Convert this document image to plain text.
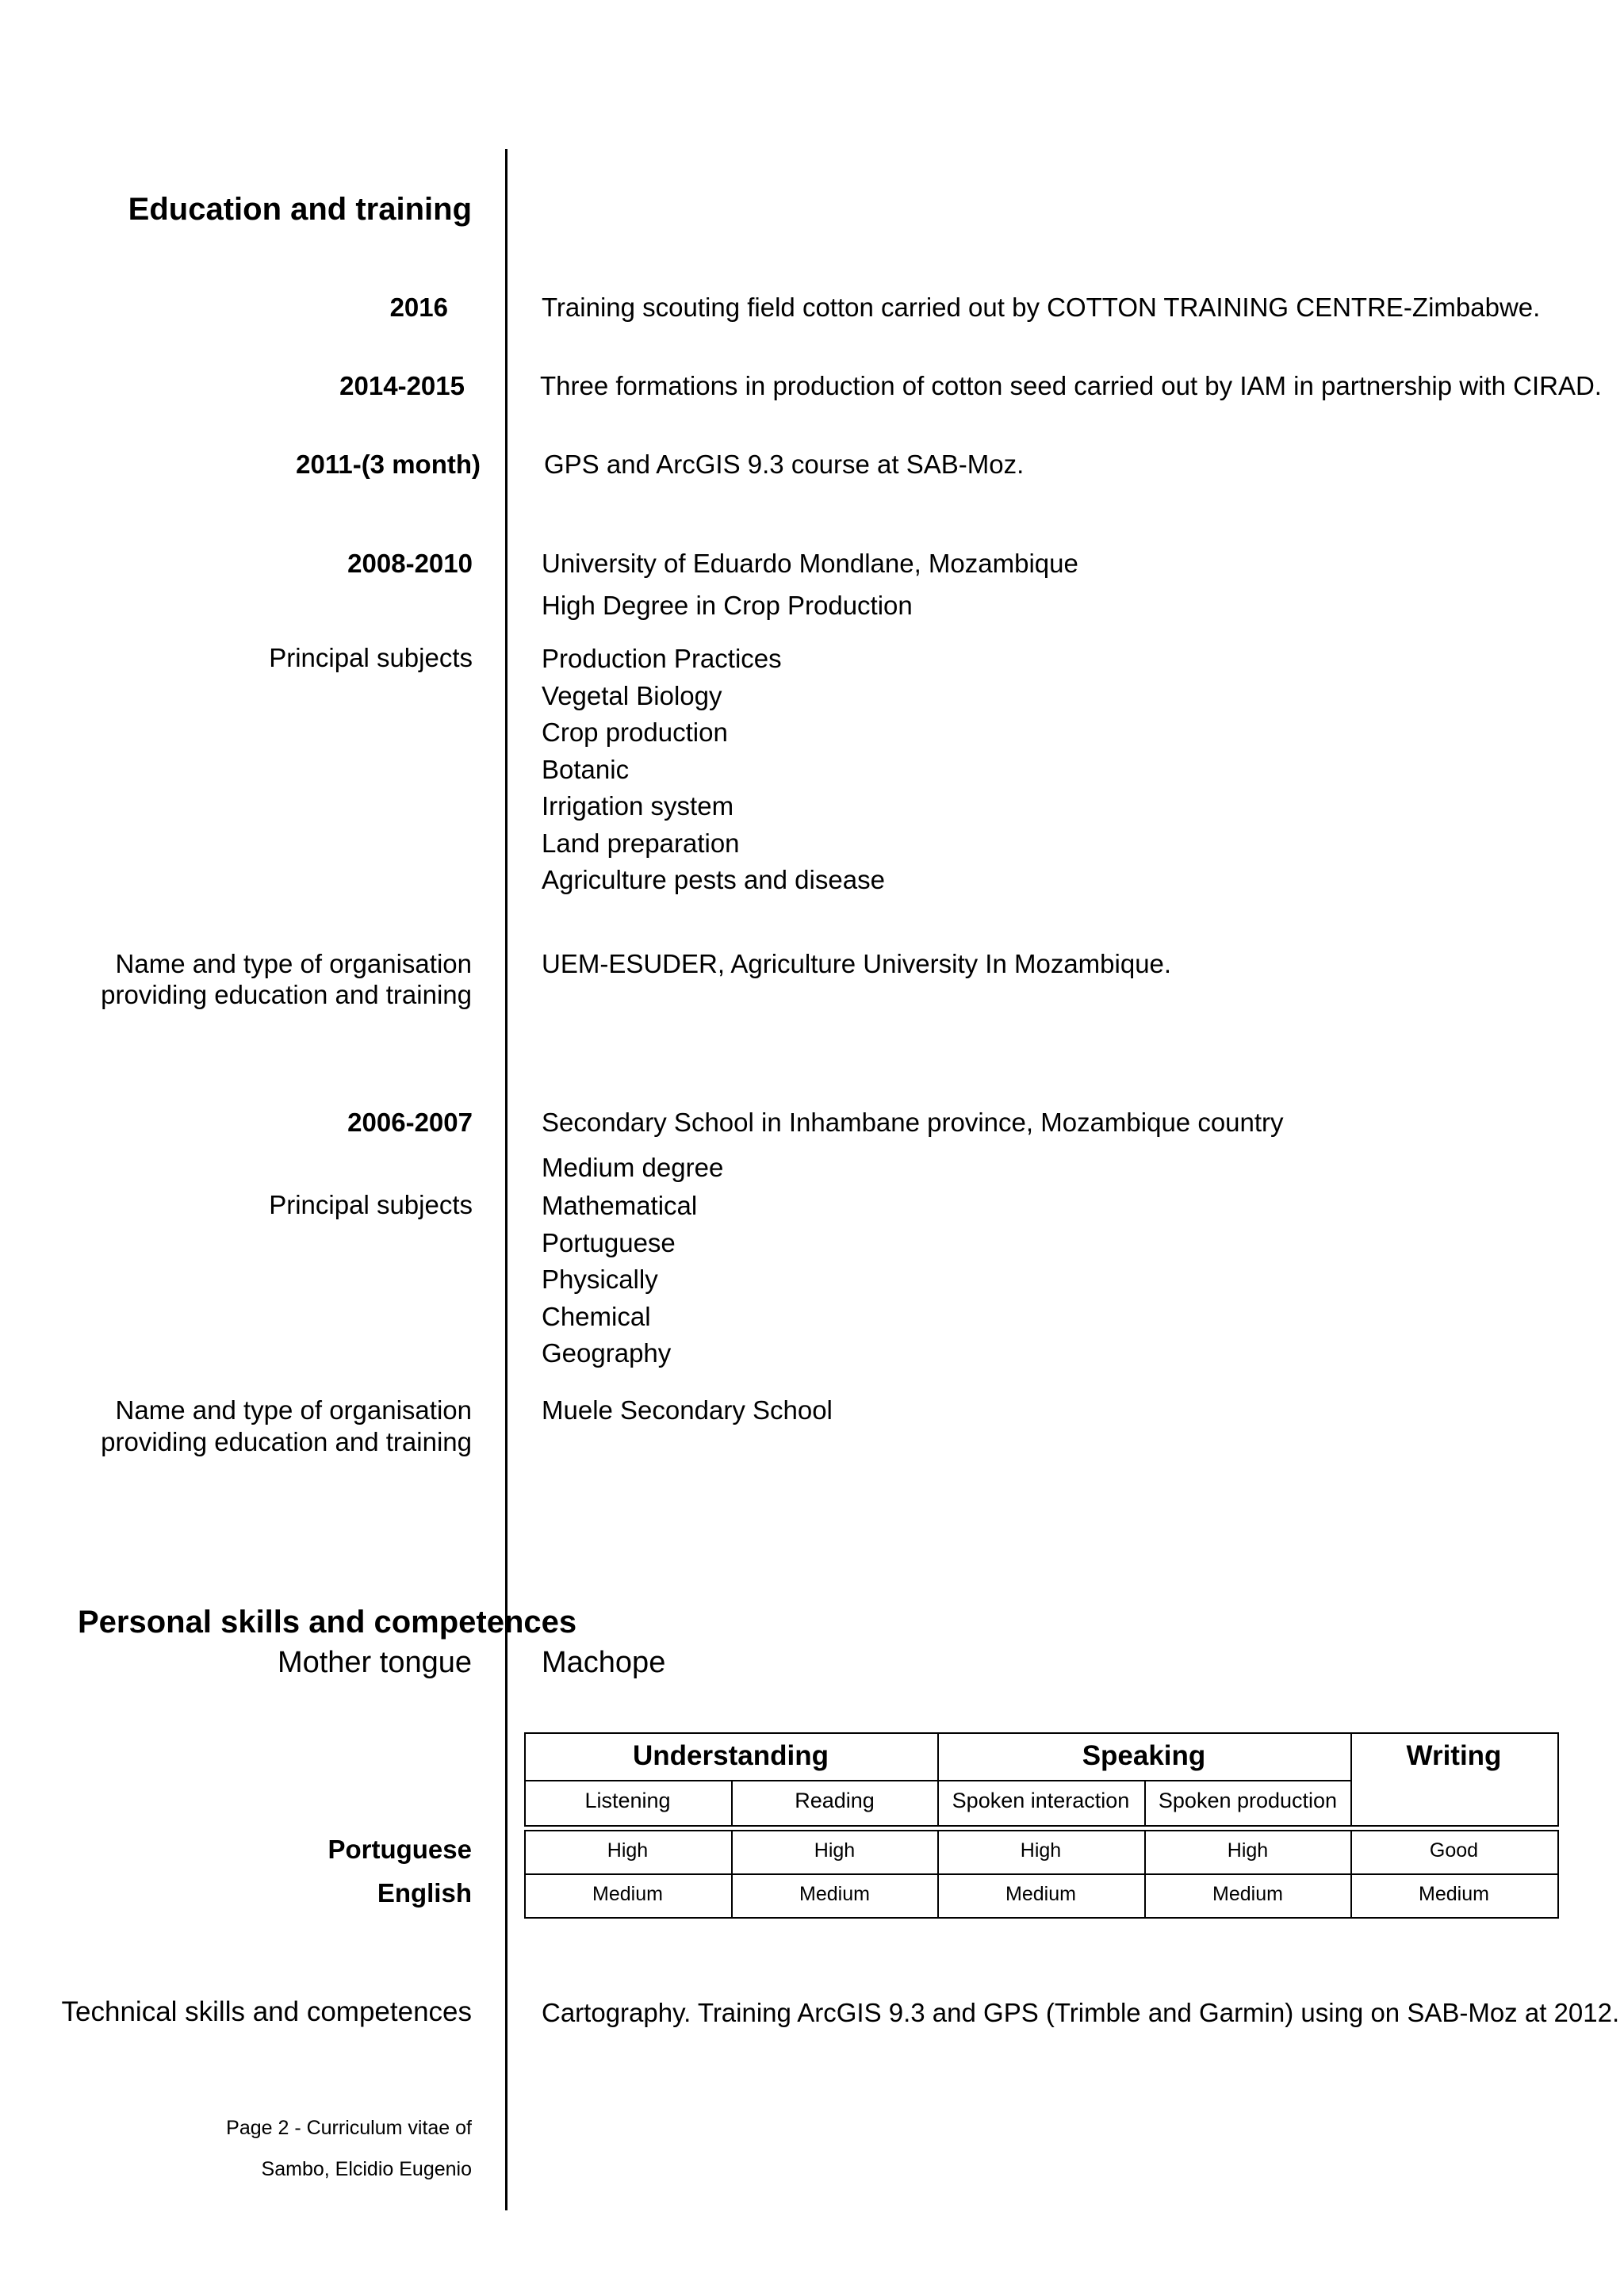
Education and training
2016	Training scouting field cotton carried out by COTTON TRAINING CENTRE-Zimbabwe.
2014-2015	Three formations in production of cotton seed carried out by IAM in partnership with CIRAD.
2011-(3 month) GPS and ArcGIS 9.3 course at SAB-Moz.
2008-2010	University of Eduardo Mondlane, Mozambique
High Degree in Crop Production
Principal subjects	Production Practices
Vegetal Biology
Crop production
Botanic
Irrigation system
Land preparation
Agriculture pests and disease
Name and type of organisation
providing education and training
UEM-ESUDER, Agriculture University In Mozambique.
2006-2007	Secondary School in Inhambane province, Mozambique country
Medium degree
Principal subjects	Mathematical
Portuguese
Physically
Chemical
Geography
Name and type of organisation
providing education and training
Muele Secondary School
Personal skills and competences
Mother tongue Machope
Understanding	Speaking	Writing
Listening	Reading	Spoken interaction	Spoken production
Portuguese	High	High	High	High	Good
English	Medium	Medium	Medium	Medium	Medium
Technical skills and competences	Cartography. Training ArcGIS 9.3 and GPS (Trimble and Garmin) using on SAB-Moz at 2012.
Page 2 - Curriculum vitae of
Sambo, Elcidio Eugenio
